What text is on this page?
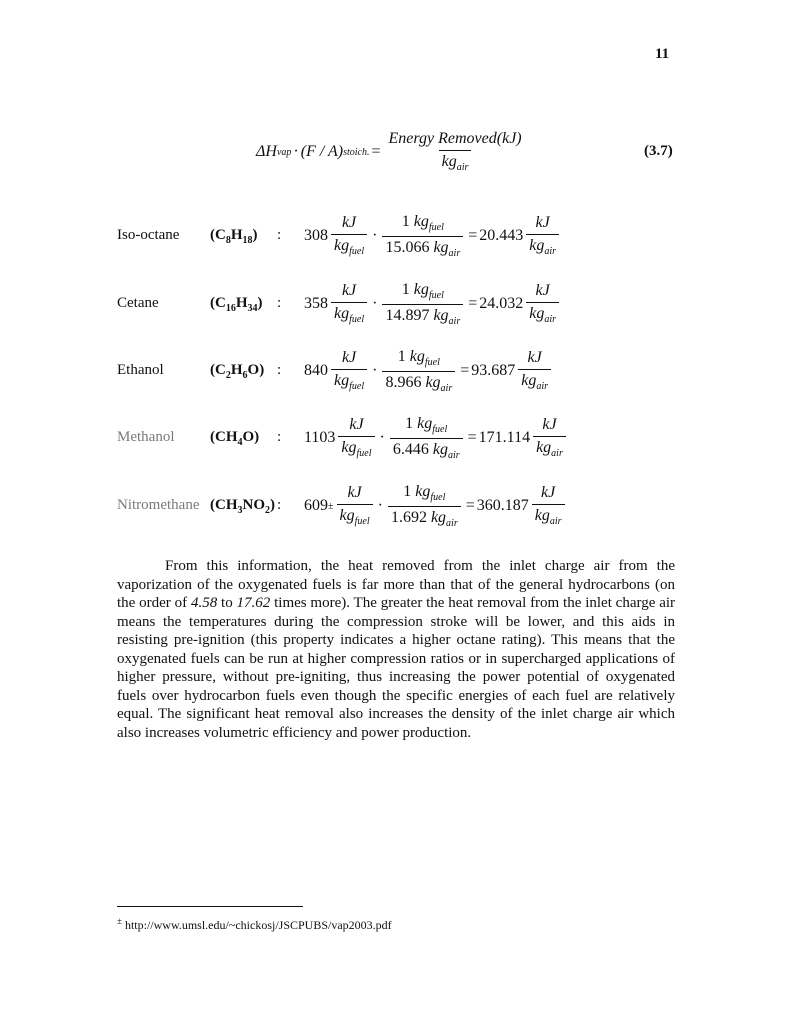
11
ΔH vap · (F / A) stoich. = $\frac{\text{Energy Removed(kJ)}}{kg_{air}}$	(3.7)
Iso-octane $(C_8H_{18})$ : $308 \frac{kJ}{kg_{fuel}} \cdot \frac{1 kg_{fuel}}{15.066 kg_{air}} = 20.443 \frac{kJ}{kg_{air}}$
Cetane	$(C_{16}H_{34})$ : $358 \frac{kJ}{kg_{fuel}} \cdot \frac{1 kg_{fuel}}{14.897 kg_{air}} = 24.032 \frac{kJ}{kg_{air}}$
Ethanol	$(C_2H_6O)$ : $840 \frac{kJ}{kg_{fuel}} \cdot \frac{1 kg_{fuel}}{8.966 kg_{air}} = 93.687 \frac{kJ}{kg_{air}}$
Methanol $(CH_4O)$ : $1103 \frac{kJ}{kg_{fuel}} \cdot \frac{1 kg_{fuel}}{6.446 kg_{air}} = 171.114 \frac{kJ}{kg_{air}}$
Nitromethane $(CH_3NO_2)$ : $609 \pm \frac{kJ}{kg_{fuel}} \cdot \frac{1 kg_{fuel}}{1.692 kg_{air}} = 360.187 \frac{kJ}{kg_{air}}$
From this information, the heat removed from the inlet charge air from the vaporization of the oxygenated fuels is far more than that of the general hydrocarbons (on the order of 4.58 to 17.62 times more). The greater the heat removal from the inlet charge air means the temperatures during the compression stroke will be lower, and this aids in resisting pre-ignition (this property indicates a higher octane rating). This means that the oxygenated fuels can be run at higher compression ratios or in supercharged applications of higher pressure, without pre-igniting, thus increasing the power potential of oxygenated fuels over hydrocarbon fuels even though the specific energies of each fuel are relatively equal. The significant heat removal also increases the density of the inlet charge air which also increases volumetric efficiency and power production.
± http://www.umsl.edu/~chickosj/JSCPUBS/vap2003.pdf
